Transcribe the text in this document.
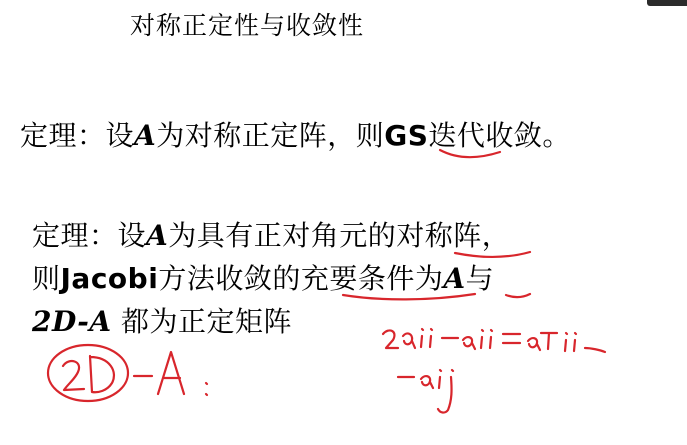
对称正定性与收敛性
定理：设A为对称正定阵，则GS迭代收敛。
定理：设A为具有正对角元的对称阵，
则Jacobi方法收敛的充要条件为A与
2D-A 都为正定矩阵
